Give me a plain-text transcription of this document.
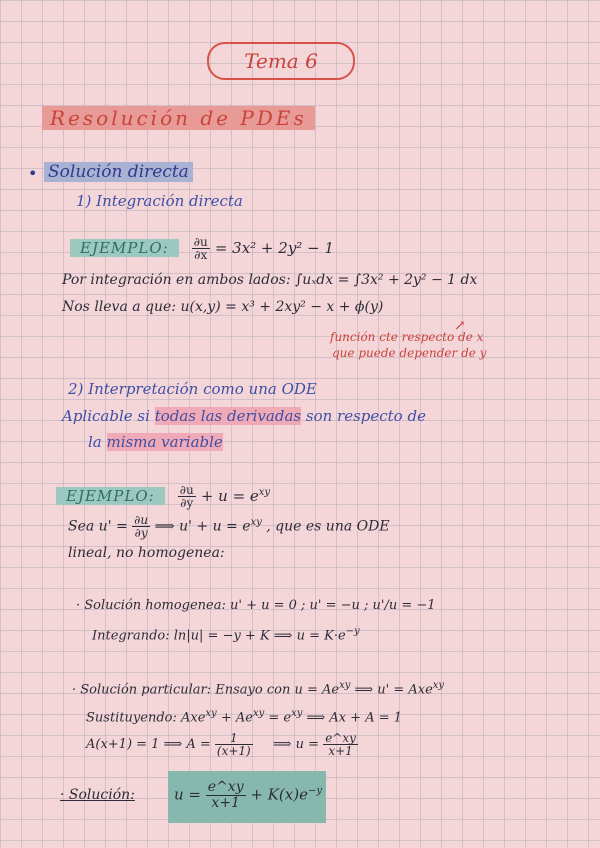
Tema 6
Resolución de PDEs
• Solución directa
1) Integración directa
EJEMPLO: $\frac{\partial u}{\partial x} = 3x^2 + 2y^2 - 1$
Por integración en ambos lados: ∫uₓdx = ∫3x² + 2y² − 1 dx
Nos lleva a que: u(x,y) = x³ + 2xy² − x + ϕ(y)
↗
función cte respecto de x
que puede depender de y
2) Interpretación como una ODE
Aplicable si todas las derivadas son respecto de
la misma variable
EJEMPLO: $\frac{\partial u}{\partial y} + u = e^{xy}$
Sea $u' = \frac{\partial u}{\partial y}$ ⟹ $u' + u = e^{xy}$ , que es una ODE
lineal, no homogenea:
· Solución homogenea: u' + u = 0 ; u' = −u ; u'/u = −1
Integrando: ln|u| = −y + K ⟹ $u = K\cdot e^{-y}$
· Solución particular: Ensayo con $u = Ae^{xy}$ ⟹ u' = Axe$^{xy}$
Sustituyendo: $Axe^{xy} + Ae^{xy} = e^{xy}$ ⟹ Ax + A = 1
A(x+1) = 1 ⟹ $A = \frac{1}{(x+1)}$ ⟹ $u = \frac{e\^{}xy}{x+1}$
· Solución:	$u = \frac{e\^{}xy}{x+1} + K(x)e^{-y}$
